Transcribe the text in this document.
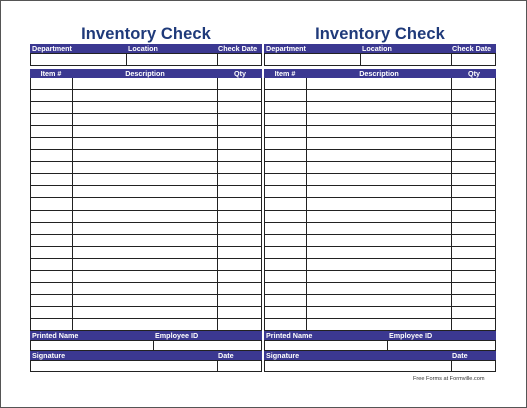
Inventory Check
Department	Location	Check Date
Item #	Description	Qty
Printed Name	Employee ID
Signature	Date
Inventory Check
Department	Location	Check Date
Item #	Description	Qty
Printed Name	Employee ID
Signature	Date
Free Forms at Formville.com
